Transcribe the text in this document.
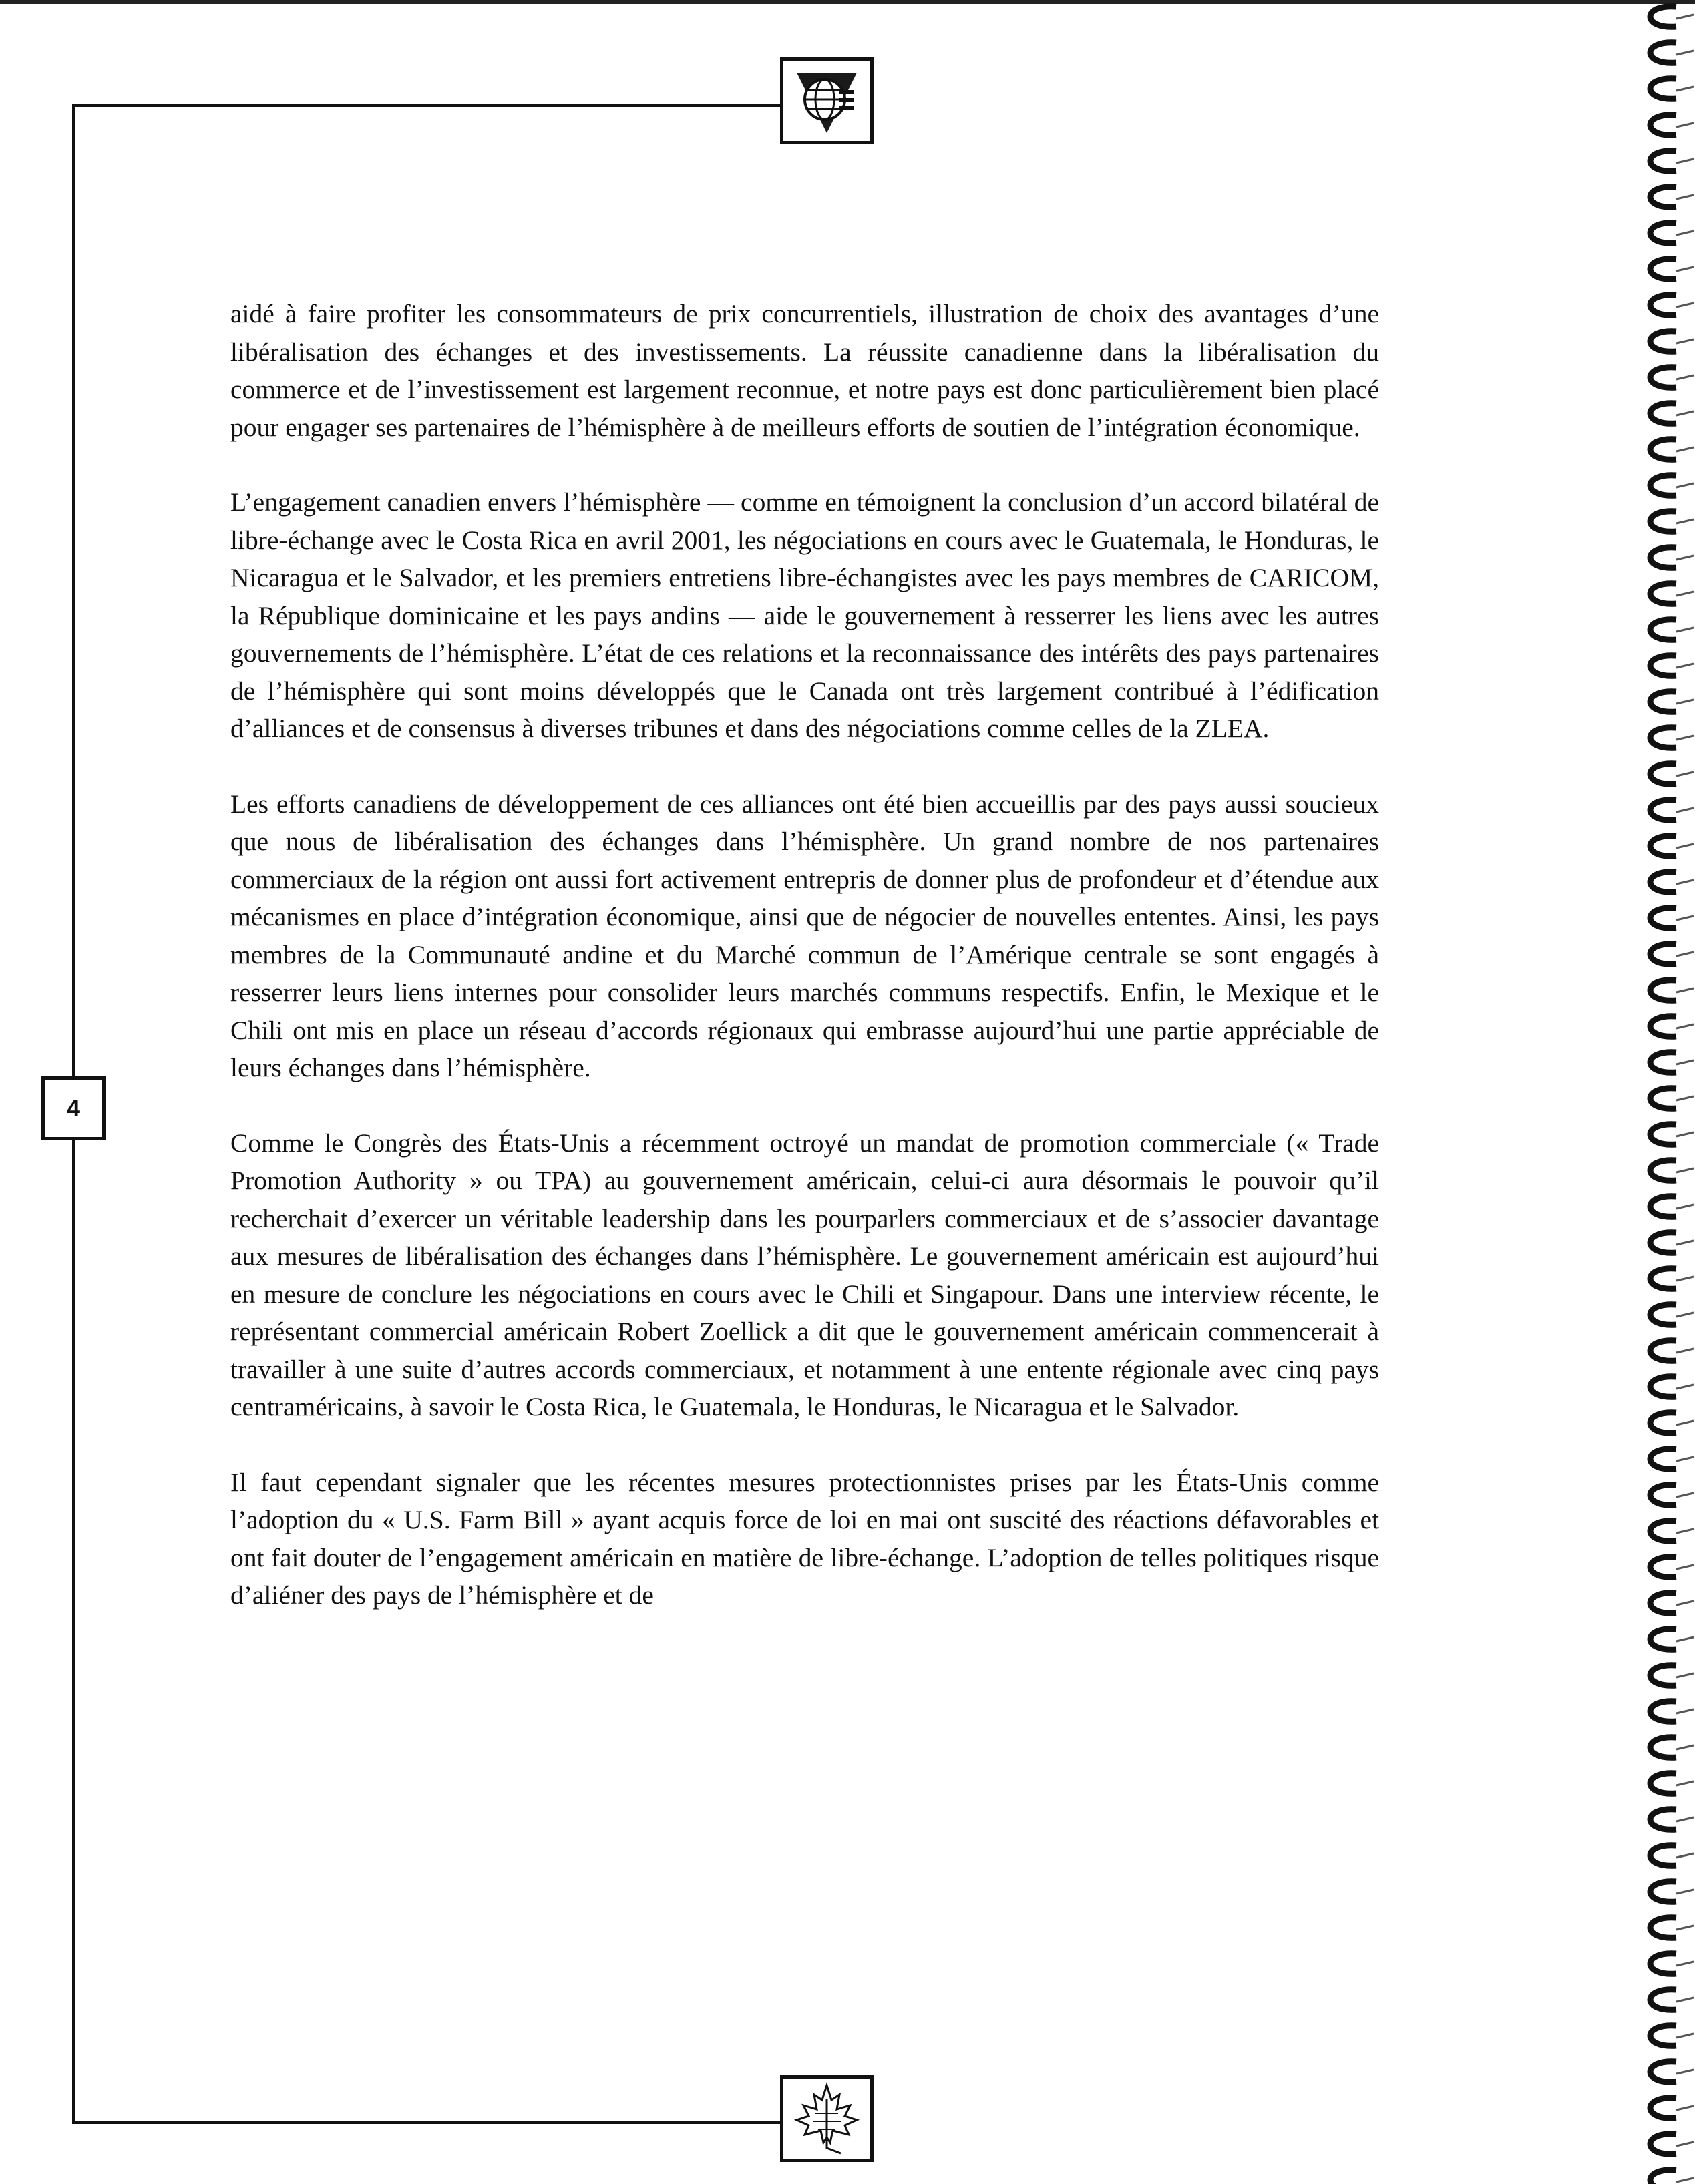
4

aidé à faire profiter les consommateurs de prix concurrentiels, illustration de choix des avantages d’une libéralisation des échanges et des investissements. La réussite canadienne dans la libéralisation du commerce et de l’investissement est largement reconnue, et notre pays est donc particulièrement bien placé pour engager ses partenaires de l’hémisphère à de meilleurs efforts de soutien de l’intégration économique.

L’engagement canadien envers l’hémisphère — comme en témoignent la conclusion d’un accord bilatéral de libre-échange avec le Costa Rica en avril 2001, les négociations en cours avec le Guatemala, le Honduras, le Nicaragua et le Salvador, et les premiers entretiens libre-échangistes avec les pays membres de CARICOM, la République dominicaine et les pays andins — aide le gouvernement à resserrer les liens avec les autres gouvernements de l’hémisphère. L’état de ces relations et la reconnaissance des intérêts des pays partenaires de l’hémisphère qui sont moins développés que le Canada ont très largement contribué à l’édification d’alliances et de consensus à diverses tribunes et dans des négociations comme celles de la ZLEA.

Les efforts canadiens de développement de ces alliances ont été bien accueillis par des pays aussi soucieux que nous de libéralisation des échanges dans l’hémisphère. Un grand nombre de nos partenaires commerciaux de la région ont aussi fort activement entrepris de donner plus de profondeur et d’étendue aux mécanismes en place d’intégration économique, ainsi que de négocier de nouvelles ententes. Ainsi, les pays membres de la Communauté andine et du Marché commun de l’Amérique centrale se sont engagés à resserrer leurs liens internes pour consolider leurs marchés communs respectifs. Enfin, le Mexique et le Chili ont mis en place un réseau d’accords régionaux qui embrasse aujourd’hui une partie appréciable de leurs échanges dans l’hémisphère.

Comme le Congrès des États-Unis a récemment octroyé un mandat de promotion commerciale (« Trade Promotion Authority » ou TPA) au gouvernement américain, celui-ci aura désormais le pouvoir qu’il recherchait d’exercer un véritable leadership dans les pourparlers commerciaux et de s’associer davantage aux mesures de libéralisation des échanges dans l’hémisphère. Le gouvernement américain est aujourd’hui en mesure de conclure les négociations en cours avec le Chili et Singapour. Dans une interview récente, le représentant commercial américain Robert Zoellick a dit que le gouvernement américain commencerait à travailler à une suite d’autres accords commerciaux, et notamment à une entente régionale avec cinq pays centraméricains, à savoir le Costa Rica, le Guatemala, le Honduras, le Nicaragua et le Salvador.

Il faut cependant signaler que les récentes mesures protectionnistes prises par les États-Unis comme l’adoption du « U.S. Farm Bill » ayant acquis force de loi en mai ont suscité des réactions défavorables et ont fait douter de l’engagement américain en matière de libre-échange. L’adoption de telles politiques risque d’aliéner des pays de l’hémisphère et de
